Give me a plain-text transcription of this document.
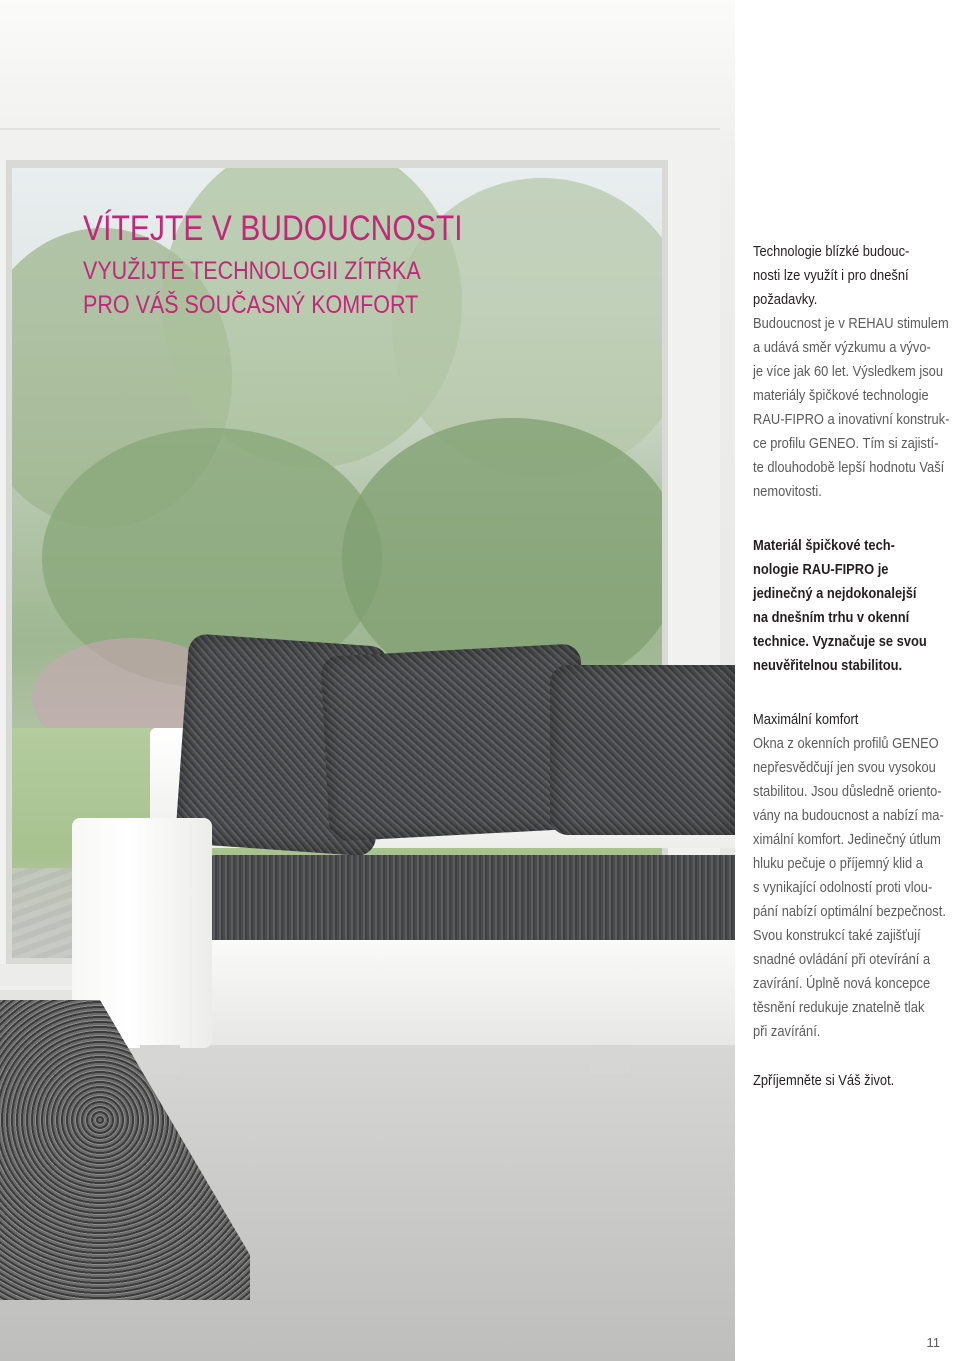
VÍTEJTE V BUDOUCNOSTI

VYUŽIJTE TECHNOLOGII ZÍTŘKA

PRO VÁŠ SOUČASNÝ KOMFORT

Technologie blízké budouc-
nosti lze využít i pro dnešní
požadavky.

Budoucnost je v REHAU stimulem
a udává směr výzkumu a vývo-
je více jak 60 let. Výsledkem jsou
materiály špičkové technologie
RAU-FIPRO a inovativní konstruk-
ce profilu GENEO. Tím si zajistí-
te dlouhodobě lepší hodnotu Vaší
nemovitosti.

Materiál špičkové tech-
nologie RAU-FIPRO je
jedinečný a nejdokonalejší
na dnešním trhu v okenní
technice. Vyznačuje se svou
neuvěřitelnou stabilitou.

Maximální komfort

Okna z okenních profilů GENEO
nepřesvědčují jen svou vysokou
stabilitou. Jsou důsledně oriento-
vány na budoucnost a nabízí ma-
ximální komfort. Jedinečný útlum
hluku pečuje o příjemný klid a
s vynikající odolností proti vlou-
pání nabízí optimální bezpečnost.
Svou konstrukcí také zajišťují
snadné ovládání při otevírání a
zavírání. Úplně nová koncepce
těsnění redukuje znatelně tlak
při zavírání.

Zpříjemněte si Váš život.

11
